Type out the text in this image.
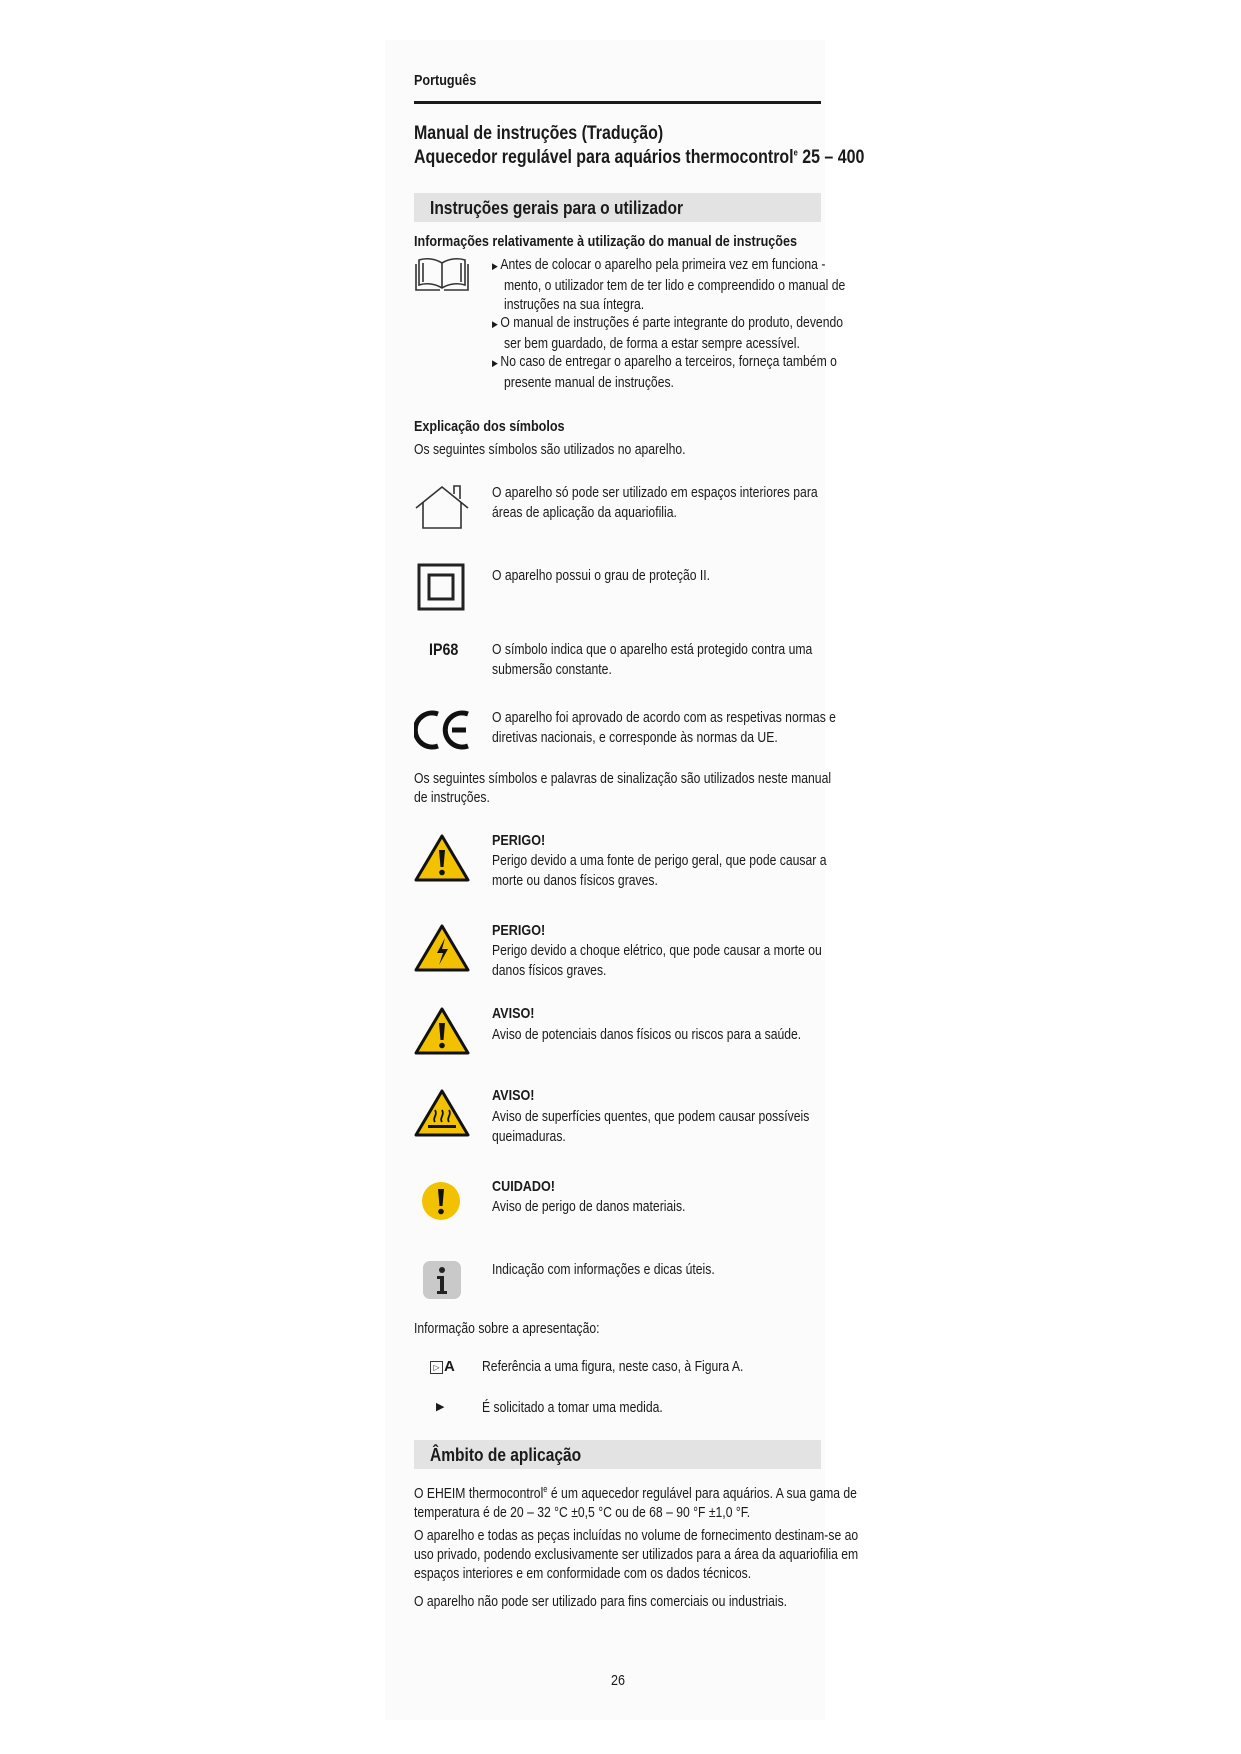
Português
Manual de instruções (Tradução)
Aquecedor regulável para aquários thermocontrol$^e$ 25 – 400
Instruções gerais para o utilizador
Informações relativamente à utilização do manual de instruções
▶ Antes de colocar o aparelho pela primeira vez em funciona -
mento, o utilizador tem de ter lido e compreendido o manual de
instruções na sua íntegra.
▶ O manual de instruções é parte integrante do produto, devendo
ser bem guardado, de forma a estar sempre acessível.
▶ No caso de entregar o aparelho a terceiros, forneça também o
presente manual de instruções.
Explicação dos símbolos
Os seguintes símbolos são utilizados no aparelho.
O aparelho só pode ser utilizado em espaços interiores para
áreas de aplicação da aquariofilia.
O aparelho possui o grau de proteção II.
IP68	O símbolo indica que o aparelho está protegido contra uma
submersão constante.
O aparelho foi aprovado de acordo com as respetivas normas e
diretivas nacionais, e corresponde às normas da UE.
Os seguintes símbolos e palavras de sinalização são utilizados neste manual
de instruções.
PERIGO!
Perigo devido a uma fonte de perigo geral, que pode causar a
morte ou danos físicos graves.
PERIGO!
Perigo devido a choque elétrico, que pode causar a morte ou
danos físicos graves.
AVISO!
Aviso de potenciais danos físicos ou riscos para a saúde.
AVISO!
Aviso de superfícies quentes, que podem causar possíveis
queimaduras.
CUIDADO!
Aviso de perigo de danos materiais.
Indicação com informações e dicas úteis.
Informação sobre a apresentação:
▷ A Referência a uma figura, neste caso, à Figura A.
▶	É solicitado a tomar uma medida.
Âmbito de aplicação
O EHEIM thermocontrol$^e$ é um aquecedor regulável para aquários. A sua gama de
temperatura é de 20 – 32 °C ±0,5 °C ou de 68 – 90 °F ±1,0 °F.
O aparelho e todas as peças incluídas no volume de fornecimento destinam-se ao
uso privado, podendo exclusivamente ser utilizados para a área da aquariofilia em
espaços interiores e em conformidade com os dados técnicos.
O aparelho não pode ser utilizado para fins comerciais ou industriais.
26
